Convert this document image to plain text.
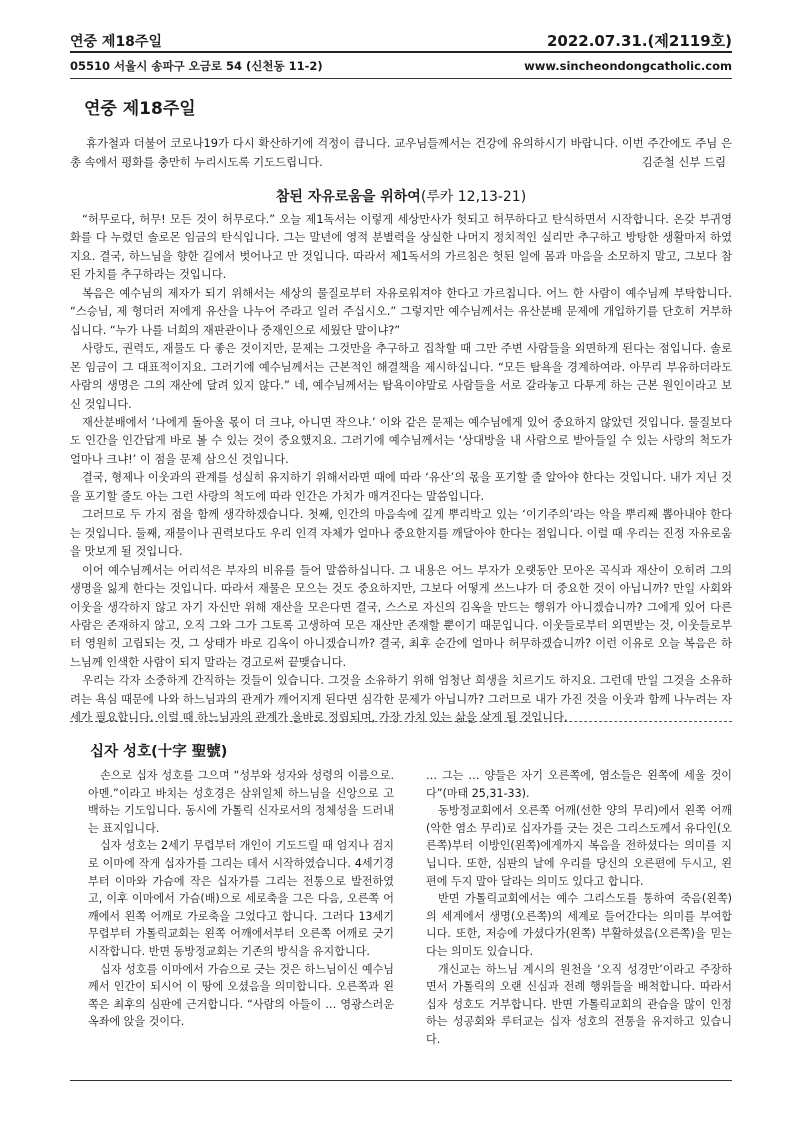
연중 제18주일	2022.07.31.(제2119호)
05510 서울시 송파구 오금로 54 (신천동 11-2)	www.sincheondongcatholic.com
연중 제18주일
휴가철과 더불어 코로나19가 다시 확산하기에 걱정이 큽니다. 교우님들께서는 건강에 유의하시기 바랍니다. 이번 주간에도 주님 은총 속에서 평화를 충만히 누리시도록 기도드립니다.	김준철 신부 드림
참된 자유로움을 위하여(루카 12,13-21)

“허무로다, 허무! 모든 것이 허무로다.” 오늘 제1독서는 이렇게 세상만사가 헛되고 허무하다고 탄식하면서 시작합니다. 온갖 부귀영화를 다 누렸던 솔로몬 임금의 탄식입니다. 그는 말년에 영적 분별력을 상실한 나머지 정치적인 실리만 추구하고 방탕한 생활마저 하였지요. 결국, 하느님을 향한 길에서 벗어나고 만 것입니다. 따라서 제1독서의 가르침은 헛된 일에 몸과 마음을 소모하지 말고, 그보다 참된 가치를 추구하라는 것입니다.

복음은 예수님의 제자가 되기 위해서는 세상의 물질로부터 자유로워져야 한다고 가르칩니다. 어느 한 사람이 예수님께 부탁합니다. “스승님, 제 형더러 저에게 유산을 나누어 주라고 일러 주십시오.” 그렇지만 예수님께서는 유산분배 문제에 개입하기를 단호히 거부하십니다. “누가 나를 너희의 재판관이나 중재인으로 세웠단 말이냐?”

사랑도, 권력도, 재물도 다 좋은 것이지만, 문제는 그것만을 추구하고 집착할 때 그만 주변 사람들을 외면하게 된다는 점입니다. 솔로몬 임금이 그 대표적이지요. 그러기에 예수님께서는 근본적인 해결책을 제시하십니다. “모든 탐욕을 경계하여라. 아무리 부유하더라도 사람의 생명은 그의 재산에 달려 있지 않다.” 네, 예수님께서는 탐욕이야말로 사람들을 서로 갈라놓고 다투게 하는 근본 원인이라고 보신 것입니다.

재산분배에서 ‘나에게 돌아올 몫이 더 크냐, 아니면 작으냐.’ 이와 같은 문제는 예수님에게 있어 중요하지 않았던 것입니다. 물질보다도 인간을 인간답게 바로 볼 수 있는 것이 중요했지요. 그러기에 예수님께서는 ‘상대방을 내 사람으로 받아들일 수 있는 사랑의 척도가 얼마나 크냐!’ 이 점을 문제 삼으신 것입니다.

결국, 형제나 이웃과의 관계를 성실히 유지하기 위해서라면 때에 따라 ‘유산’의 몫을 포기할 줄 알아야 한다는 것입니다. 내가 지닌 것을 포기할 줄도 아는 그런 사랑의 척도에 따라 인간은 가치가 매겨진다는 말씀입니다.

그러므로 두 가지 점을 함께 생각하겠습니다. 첫째, 인간의 마음속에 깊게 뿌리박고 있는 ‘이기주의’라는 악을 뿌리째 뽑아내야 한다는 것입니다. 둘째, 재물이나 권력보다도 우리 인격 자체가 얼마나 중요한지를 깨달아야 한다는 점입니다. 이럴 때 우리는 진정 자유로움을 맛보게 될 것입니다.

이어 예수님께서는 어리석은 부자의 비유를 들어 말씀하십니다. 그 내용은 어느 부자가 오랫동안 모아온 곡식과 재산이 오히려 그의 생명을 잃게 한다는 것입니다. 따라서 재물은 모으는 것도 중요하지만, 그보다 어떻게 쓰느냐가 더 중요한 것이 아닙니까? 만일 사회와 이웃을 생각하지 않고 자기 자신만 위해 재산을 모은다면 결국, 스스로 자신의 김옥을 만드는 행위가 아니겠습니까? 그에게 있어 다른 사람은 존재하지 않고, 오직 그와 그가 그토록 고생하여 모은 재산만 존재할 뿐이기 때문입니다. 이웃들로부터 외면받는 것, 이웃들로부터 영원히 고립되는 것, 그 상태가 바로 김옥이 아니겠습니까? 결국, 최후 순간에 얼마나 허무하겠습니까? 이런 이유로 오늘 복음은 하느님께 인색한 사람이 되지 말라는 경고로써 끝맺습니다.

우리는 각자 소중하게 간직하는 것들이 있습니다. 그것을 소유하기 위해 엄청난 희생을 치르기도 하지요. 그런데 만일 그것을 소유하려는 욕심 때문에 나와 하느님과의 관계가 깨어지게 된다면 심각한 문제가 아닙니까? 그러므로 내가 가진 것을 이웃과 함께 나누려는 자세가 필요합니다. 이럴 때 하느님과의 관계가 올바로 정립되며, 가장 가치 있는 삶을 살게 될 것입니다.

십자 성호(十字 聖號)

손으로 십자 성호를 그으며 “성부와 성자와 성령의 이름으로. 아멘.”이라고 바치는 성호경은 삼위일체 하느님을 신앙으로 고백하는 기도입니다. 동시에 가톨릭 신자로서의 정체성을 드러내는 표지입니다.

십자 성호는 2세기 무렵부터 개인이 기도드릴 때 엄지나 검지로 이마에 작게 십자가를 그리는 데서 시작하였습니다. 4세기경부터 이마와 가슴에 작은 십자가를 그리는 전통으로 발전하였고, 이후 이마에서 가슴(배)으로 세로축을 그은 다음, 오른쪽 어깨에서 왼쪽 어깨로 가로축을 그었다고 합니다. 그러다 13세기 무렵부터 가톨릭교회는 왼쪽 어깨에서부터 오른쪽 어깨로 긋기 시작합니다. 반면 동방정교회는 기존의 방식을 유지합니다.

십자 성호를 이마에서 가슴으로 긋는 것은 하느님이신 예수님께서 인간이 되시어 이 땅에 오셨음을 의미합니다. 오른쪽과 왼쪽은 최후의 심판에 근거합니다. “사람의 아들이 … 영광스러운 옥좌에 앉을 것이다.

… 그는 … 양들은 자기 오른쪽에, 염소들은 왼쪽에 세울 것이다”(마태 25,31-33).

동방정교회에서 오른쪽 어깨(선한 양의 무리)에서 왼쪽 어깨(악한 염소 무리)로 십자가를 긋는 것은 그리스도께서 유다인(오른쪽)부터 이방인(왼쪽)에게까지 복음을 전하셨다는 의미를 지닙니다. 또한, 심판의 날에 우리를 당신의 오른편에 두시고, 왼편에 두지 말아 달라는 의미도 있다고 합니다.

반면 가톨릭교회에서는 예수 그리스도를 통하여 죽음(왼쪽)의 세계에서 생명(오른쪽)의 세계로 들어간다는 의미를 부여합니다. 또한, 저승에 가셨다가(왼쪽) 부활하셨음(오른쪽)을 믿는다는 의미도 있습니다.

개신교는 하느님 계시의 원천을 ‘오직 성경만’이라고 주장하면서 가톨릭의 오랜 신심과 전례 행위들을 배척합니다. 따라서 십자 성호도 거부합니다. 반면 가톨릭교회의 관습을 많이 인정하는 성공회와 루터교는 십자 성호의 전통을 유지하고 있습니다.
